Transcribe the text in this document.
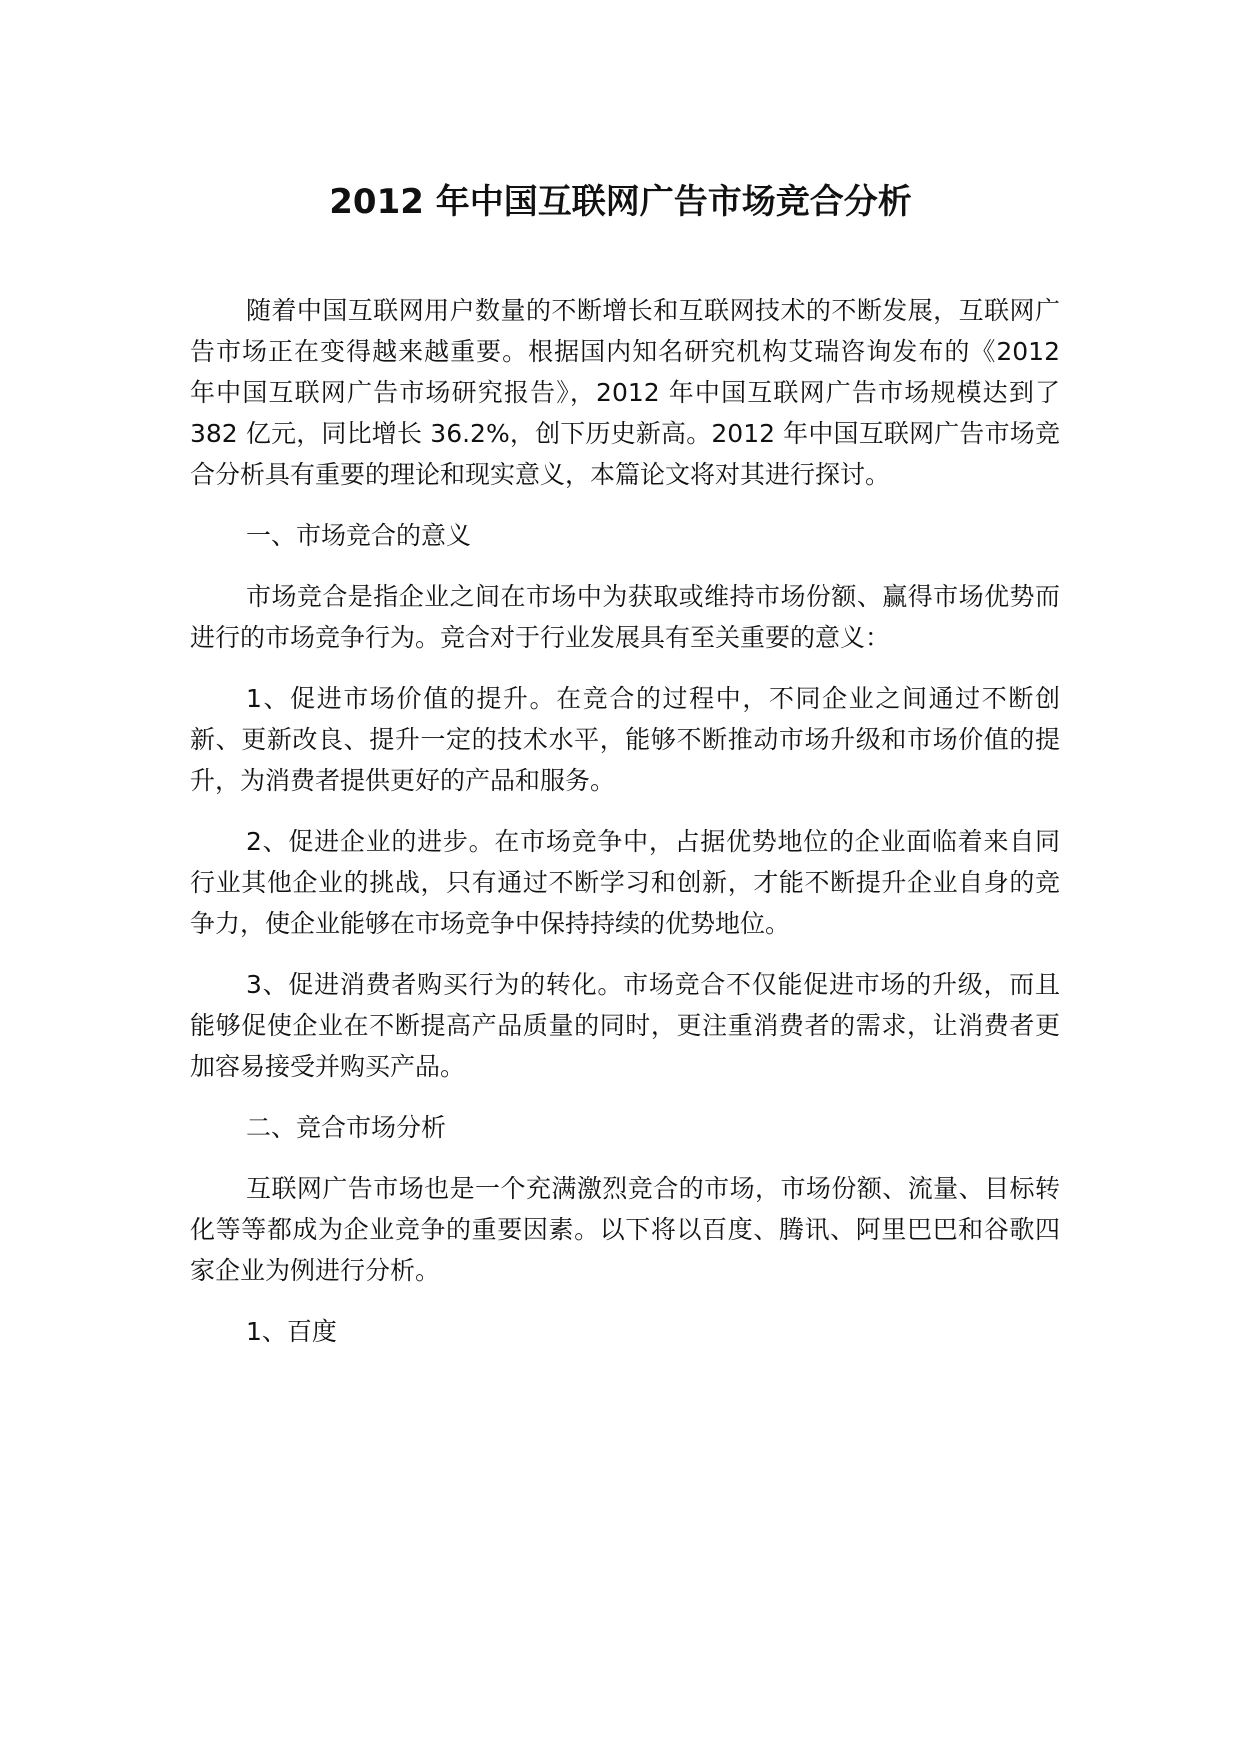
2012 年中国互联网广告市场竞合分析

随着中国互联网用户数量的不断增长和互联网技术的不断发展，互联网广告市场正在变得越来越重要。根据国内知名研究机构艾瑞咨询发布的《2012 年中国互联网广告市场研究报告》，2012 年中国互联网广告市场规模达到了 382 亿元，同比增长 36.2%，创下历史新高。2012 年中国互联网广告市场竞合分析具有重要的理论和现实意义，本篇论文将对其进行探讨。

一、市场竞合的意义

市场竞合是指企业之间在市场中为获取或维持市场份额、赢得市场优势而进行的市场竞争行为。竞合对于行业发展具有至关重要的意义：

1、促进市场价值的提升。在竞合的过程中，不同企业之间通过不断创新、更新改良、提升一定的技术水平，能够不断推动市场升级和市场价值的提升，为消费者提供更好的产品和服务。

2、促进企业的进步。在市场竞争中，占据优势地位的企业面临着来自同行业其他企业的挑战，只有通过不断学习和创新，才能不断提升企业自身的竞争力，使企业能够在市场竞争中保持持续的优势地位。

3、促进消费者购买行为的转化。市场竞合不仅能促进市场的升级，而且能够促使企业在不断提高产品质量的同时，更注重消费者的需求，让消费者更加容易接受并购买产品。

二、竞合市场分析

互联网广告市场也是一个充满激烈竞合的市场，市场份额、流量、目标转化等等都成为企业竞争的重要因素。以下将以百度、腾讯、阿里巴巴和谷歌四家企业为例进行分析。

1、百度
